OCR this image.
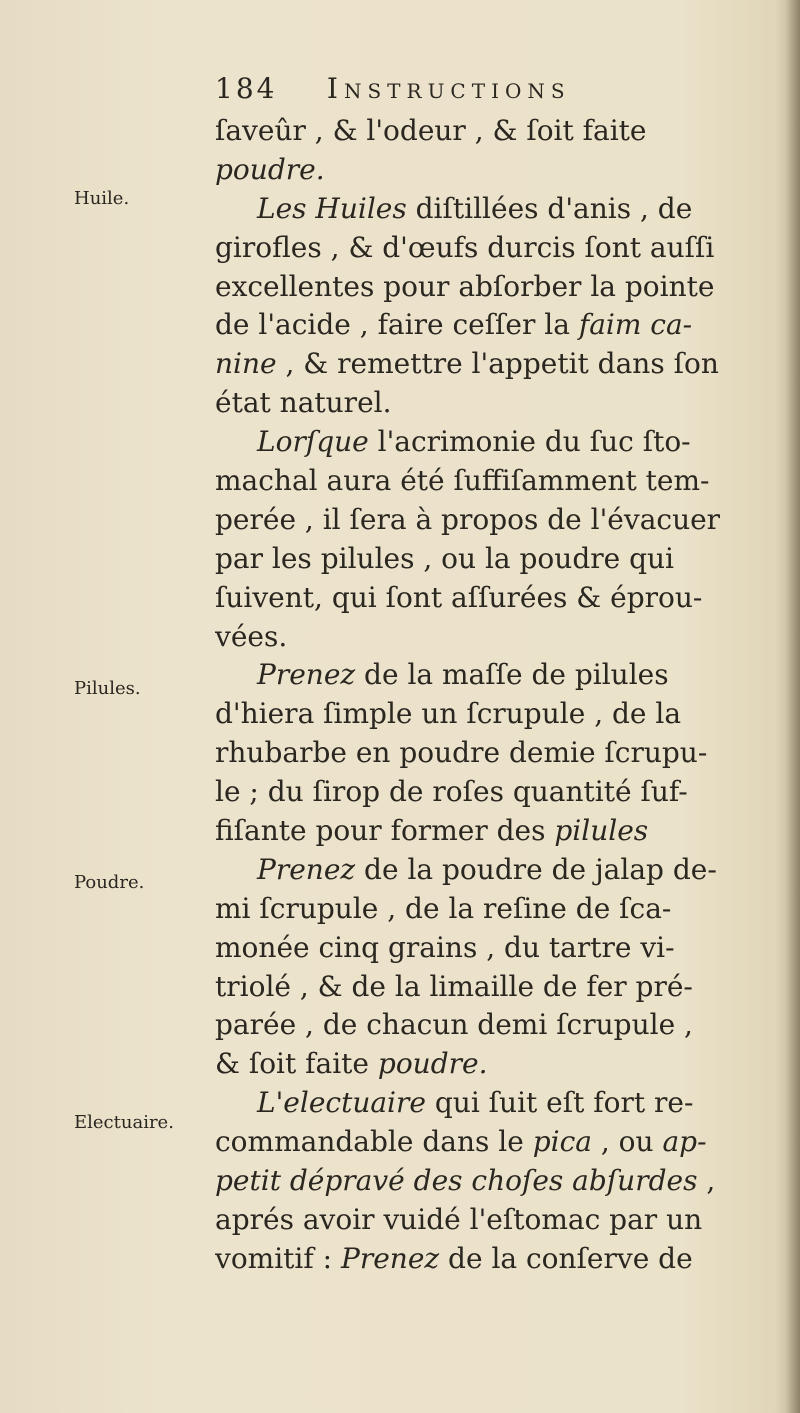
184 Instructions
Huile.
Pilules.
Poudre.
Electuaire.
ſaveûr , & l'odeur , & ſoit faite
poudre.
Les Huiles diſtillées d'anis , de
girofles , & d'œufs durcis ſont auſſi
excellentes pour abſorber la pointe
de l'acide , faire ceſſer la faim ca-
nine , & remettre l'appetit dans ſon
état naturel.
Lorſque l'acrimonie du ſuc ſto-
machal aura été ſuffiſamment tem-
perée , il ſera à propos de l'évacuer
par les pilules , ou la poudre qui
ſuivent, qui ſont aſſurées & éprou-
vées.
Prenez de la maſſe de pilules
d'hiera ſimple un ſcrupule , de la
rhubarbe en poudre demie ſcrupu-
le ; du ſirop de roſes quantité ſuf-
fiſante pour former des pilules
Prenez de la poudre de jalap de-
mi ſcrupule , de la reſine de ſca-
monée cinq grains , du tartre vi-
triolé , & de la limaille de fer pré-
parée , de chacun demi ſcrupule ,
& ſoit faite poudre.
L'electuaire qui ſuit eſt fort re-
commandable dans le pica , ou ap-
petit dépravé des choſes abſurdes ,
aprés avoir vuidé l'eſtomac par un
vomitif : Prenez de la conſerve de
